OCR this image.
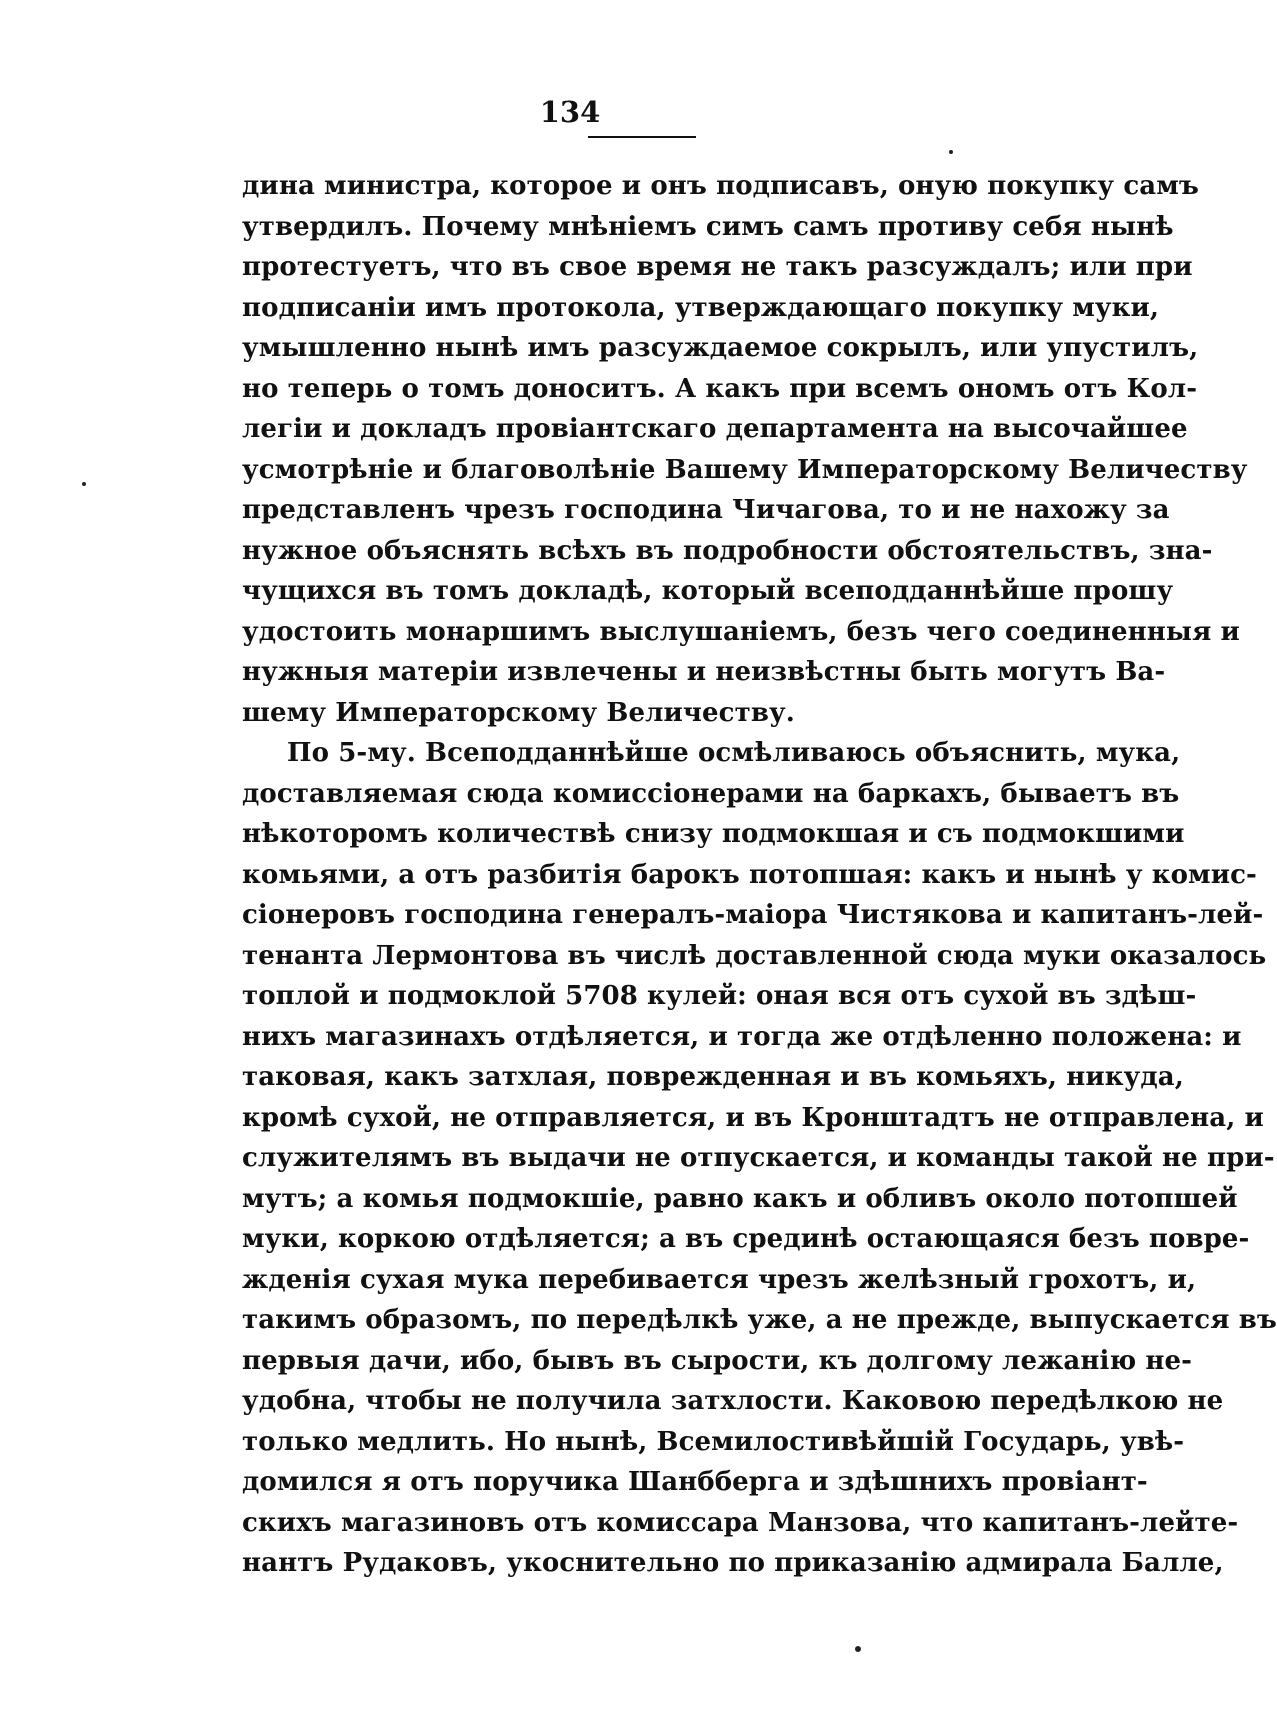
134
дина министра, которое и онъ подписавъ, оную покупку самъ
утвердилъ. Почему мнѣніемъ симъ самъ противу себя нынѣ
протестуетъ, что въ свое время не такъ разсуждалъ; или при
подписаніи имъ протокола, утверждающаго покупку муки,
умышленно нынѣ имъ разсуждаемое сокрылъ, или упустилъ,
но теперь о томъ доноситъ. А какъ при всемъ ономъ отъ Кол-
легіи и докладъ провіантскаго департамента на высочайшее
усмотрѣніе и благоволѣніе Вашему Императорскому Величеству
представленъ чрезъ господина Чичагова, то и не нахожу за
нужное объяснять всѣхъ въ подробности обстоятельствъ, зна-
чущихся въ томъ докладѣ, который всеподданнѣйше прошу
удостоить монаршимъ выслушаніемъ, безъ чего соединенныя и
нужныя матеріи извлечены и неизвѣстны быть могутъ Ва-
шему Императорскому Величеству.
По 5-му. Всеподданнѣйше осмѣливаюсь объяснить, мука,
доставляемая сюда комиссіонерами на баркахъ, бываетъ въ
нѣкоторомъ количествѣ снизу подмокшая и съ подмокшими
комьями, а отъ разбитія барокъ потопшая: какъ и нынѣ у комис-
сіонеровъ господина генералъ-маіора Чистякова и капитанъ-лей-
тенанта Лермонтова въ числѣ доставленной сюда муки оказалось
топлой и подмоклой 5708 кулей: оная вся отъ сухой въ здѣш-
нихъ магазинахъ отдѣляется, и тогда же отдѣленно положена: и
таковая, какъ затхлая, поврежденная и въ комьяхъ, никуда,
кромѣ сухой, не отправляется, и въ Кронштадтъ не отправлена, и
служителямъ въ выдачи не отпускается, и команды такой не при-
мутъ; а комья подмокшіе, равно какъ и обливъ около потопшей
муки, коркою отдѣляется; а въ срединѣ остающаяся безъ повре-
жденія сухая мука перебивается чрезъ желѣзный грохотъ, и,
такимъ образомъ, по передѣлкѣ уже, а не прежде, выпускается въ
первыя дачи, ибо, бывъ въ сырости, къ долгому лежанію не-
удобна, чтобы не получила затхлости. Каковою передѣлкою не
только медлить. Но нынѣ, Всемилостивѣйшій Государь, увѣ-
домился я отъ поручика Шанбберга и здѣшнихъ провіант-
скихъ магазиновъ отъ комиссара Манзова, что капитанъ-лейте-
нантъ Рудаковъ, укоснительно по приказанію адмирала Балле,
